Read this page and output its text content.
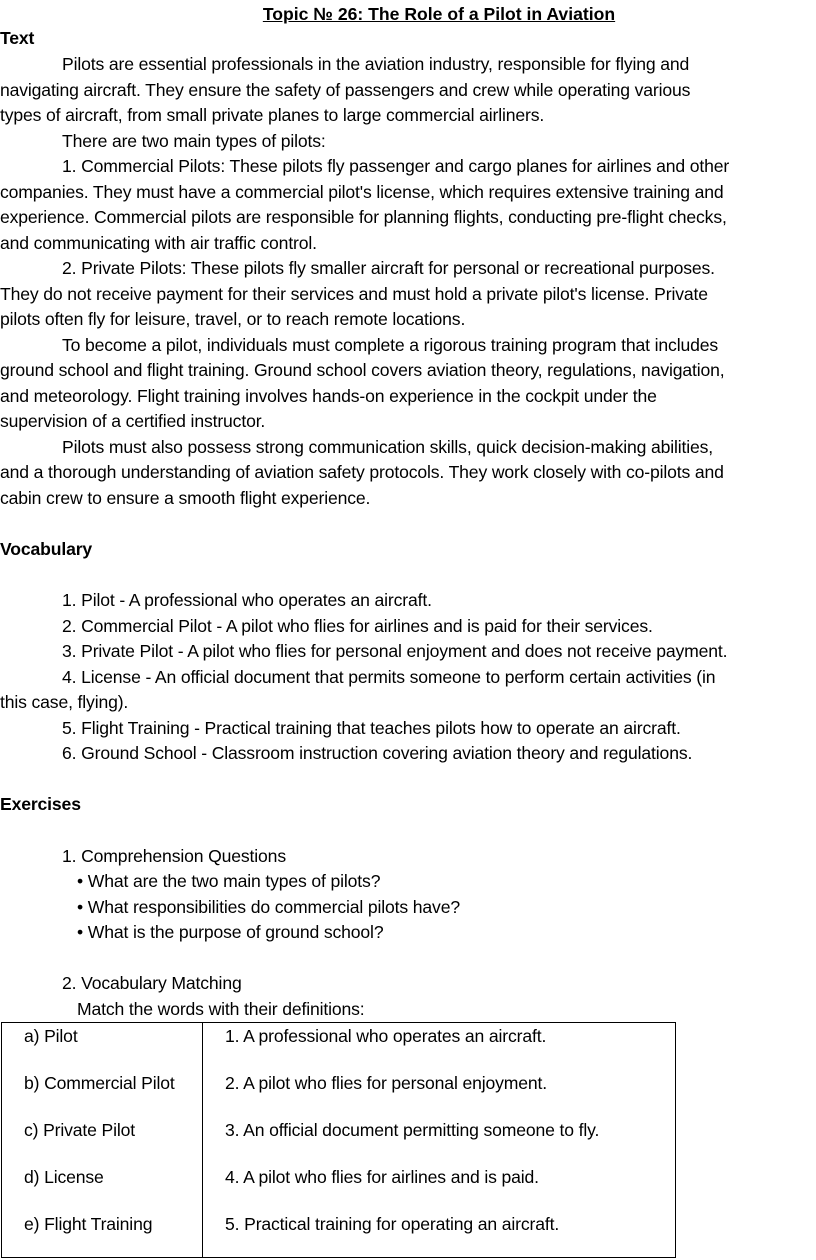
Topic № 26: The Role of a Pilot in Aviation
Text
Pilots are essential professionals in the aviation industry, responsible for flying and
navigating aircraft. They ensure the safety of passengers and crew while operating various
types of aircraft, from small private planes to large commercial airliners.
There are two main types of pilots:
1. Commercial Pilots: These pilots fly passenger and cargo planes for airlines and other
companies. They must have a commercial pilot's license, which requires extensive training and
experience. Commercial pilots are responsible for planning flights, conducting pre-flight checks,
and communicating with air traffic control.
2. Private Pilots: These pilots fly smaller aircraft for personal or recreational purposes.
They do not receive payment for their services and must hold a private pilot's license. Private
pilots often fly for leisure, travel, or to reach remote locations.
To become a pilot, individuals must complete a rigorous training program that includes
ground school and flight training. Ground school covers aviation theory, regulations, navigation,
and meteorology. Flight training involves hands-on experience in the cockpit under the
supervision of a certified instructor.
Pilots must also possess strong communication skills, quick decision-making abilities,
and a thorough understanding of aviation safety protocols. They work closely with co-pilots and
cabin crew to ensure a smooth flight experience.
Vocabulary
1. Pilot - A professional who operates an aircraft.
2. Commercial Pilot - A pilot who flies for airlines and is paid for their services.
3. Private Pilot - A pilot who flies for personal enjoyment and does not receive payment.
4. License - An official document that permits someone to perform certain activities (in
this case, flying).
5. Flight Training - Practical training that teaches pilots how to operate an aircraft.
6. Ground School - Classroom instruction covering aviation theory and regulations.
Exercises
1. Comprehension Questions
• What are the two main types of pilots?
• What responsibilities do commercial pilots have?
• What is the purpose of ground school?
2. Vocabulary Matching
Match the words with their definitions:
a) Pilot	1. A professional who operates an aircraft.
b) Commercial Pilot	2. A pilot who flies for personal enjoyment.
c) Private Pilot	3. An official document permitting someone to fly.
d) License	4. A pilot who flies for airlines and is paid.
e) Flight Training	5. Practical training for operating an aircraft.
